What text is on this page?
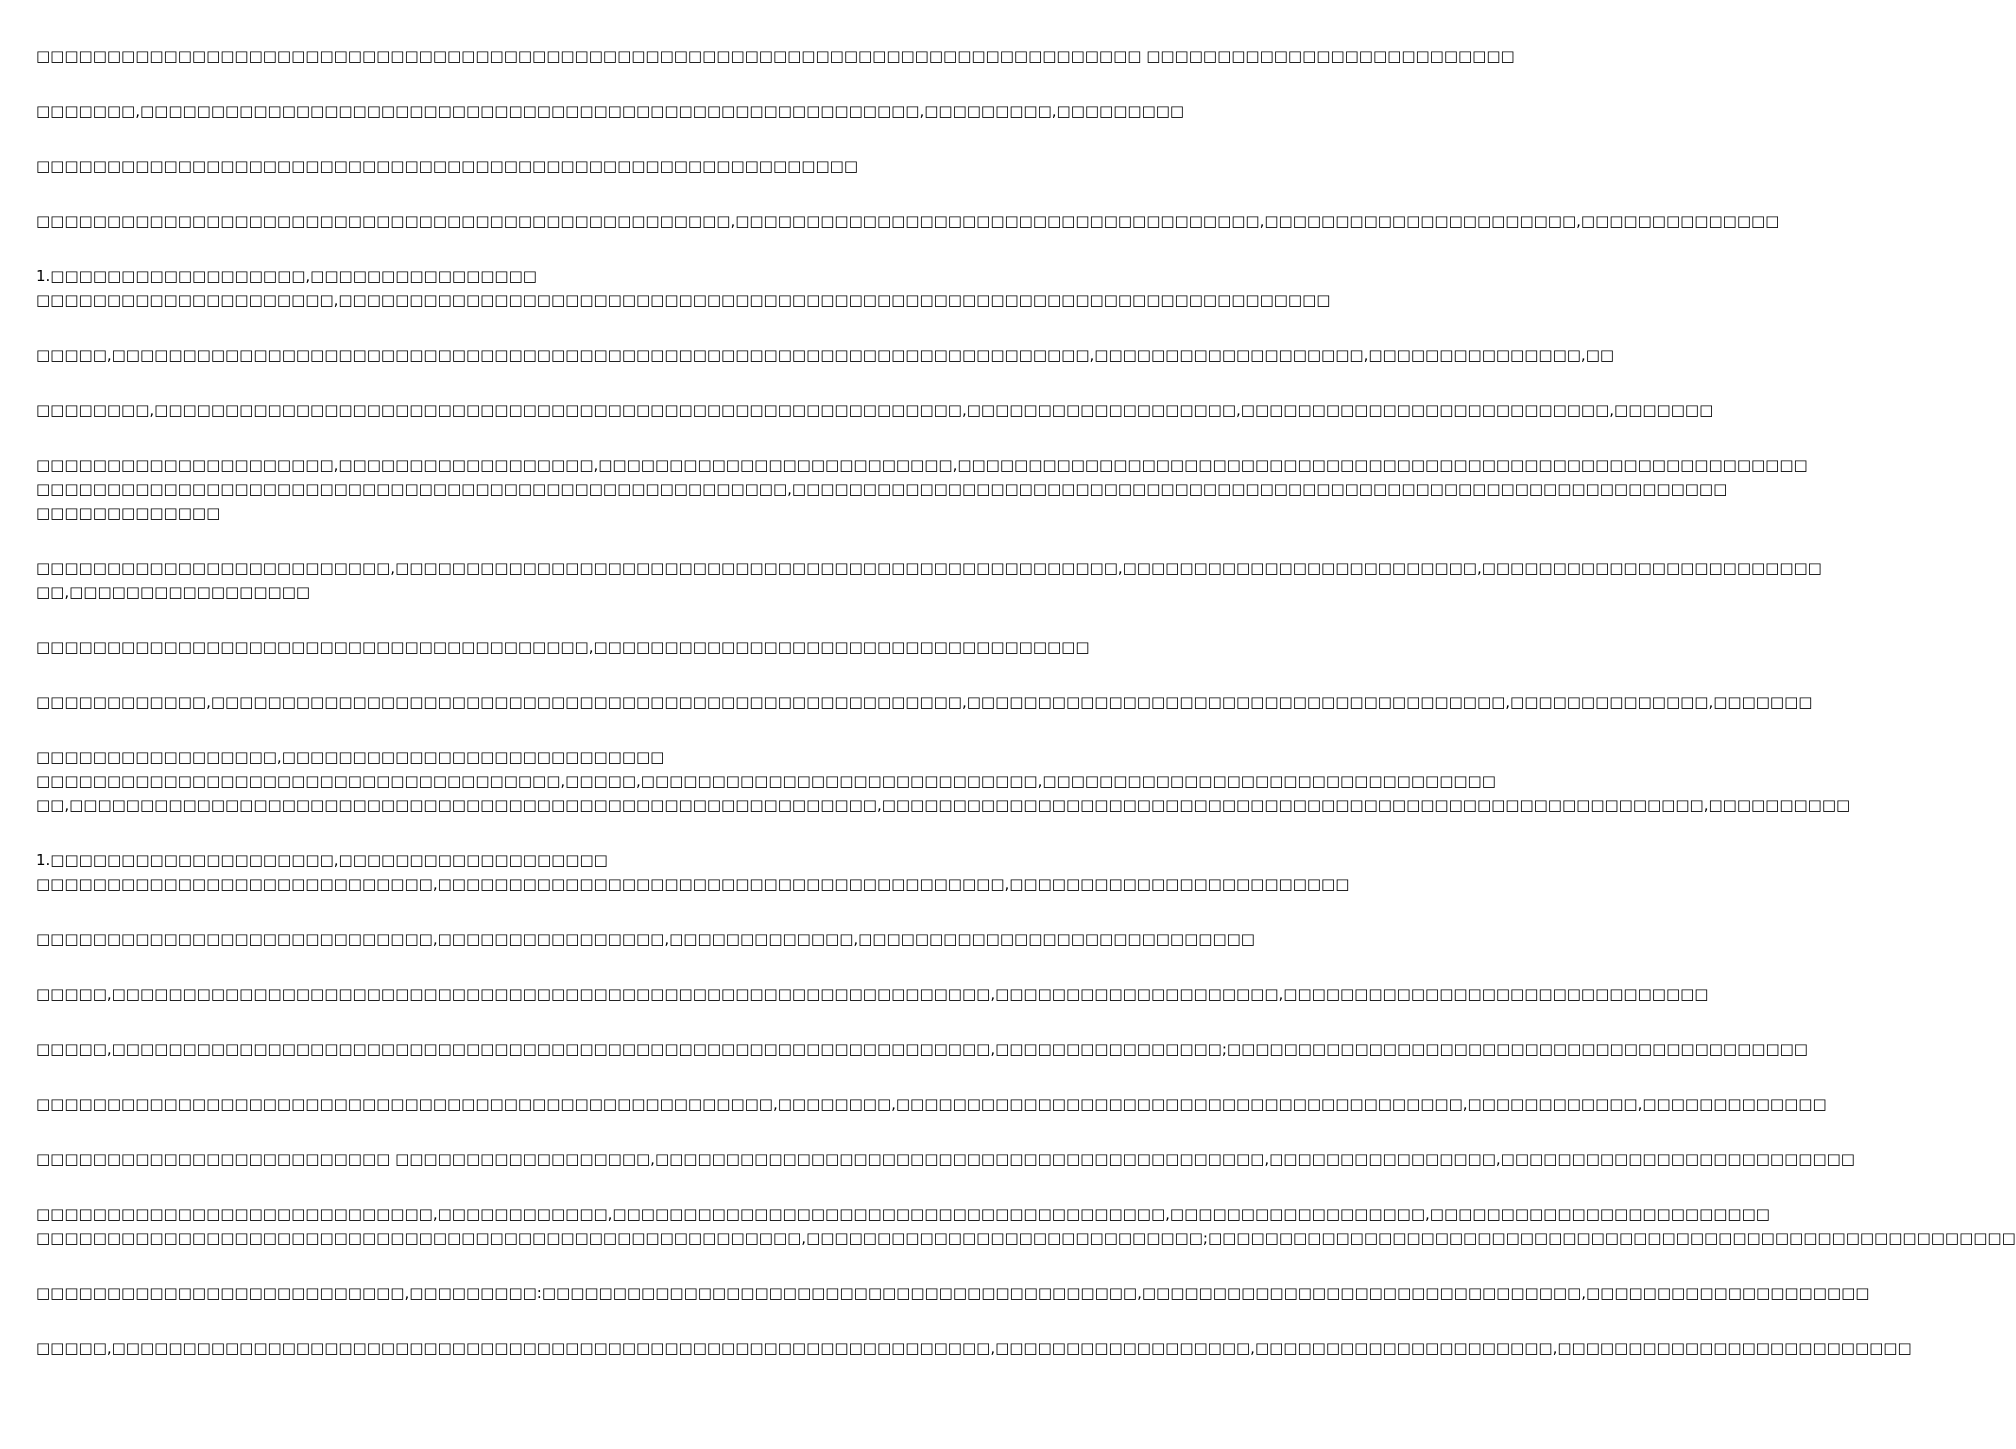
□□□□□□□□□□□□□□□□□□□□□□□□□□□□□□□□□□□□□□□□□□□□□□□□□□□□□□□□□□□□□□□□□□□□□□□□□□□□□□ □□□□□□□□□□□□□□□□□□□□□□□□□□
□□□□□□□,□□□□□□□□□□□□□□□□□□□□□□□□□□□□□□□□□□□□□□□□□□□□□□□□□□□□□□□,□□□□□□□□□,□□□□□□□□□
□□□□□□□□□□□□□□□□□□□□□□□□□□□□□□□□□□□□□□□□□□□□□□□□□□□□□□□□□□
□□□□□□□□□□□□□□□□□□□□□□□□□□□□□□□□□□□□□□□□□□□□□□□□□,□□□□□□□□□□□□□□□□□□□□□□□□□□□□□□□□□□□□□,□□□□□□□□□□□□□□□□□□□□□□,□□□□□□□□□□□□□□
1.□□□□□□□□□□□□□□□□□□,□□□□□□□□□□□□□□□□
□□□□□□□□□□□□□□□□□□□□□,□□□□□□□□□□□□□□□□□□□□□□□□□□□□□□□□□□□□□□□□□□□□□□□□□□□□□□□□□□□□□□□□□□□□□□
□□□□□,□□□□□□□□□□□□□□□□□□□□□□□□□□□□□□□□□□□□□□□□□□□□□□□□□□□□□□□□□□□□□□□□□□□□□,□□□□□□□□□□□□□□□□□□□,□□□□□□□□□□□□□□□,□□
□□□□□□□□,□□□□□□□□□□□□□□□□□□□□□□□□□□□□□□□□□□□□□□□□□□□□□□□□□□□□□□□□□,□□□□□□□□□□□□□□□□□□□,□□□□□□□□□□□□□□□□□□□□□□□□□□,□□□□□□□
□□□□□□□□□□□□□□□□□□□□□,□□□□□□□□□□□□□□□□□□,□□□□□□□□□□□□□□□□□□□□□□□□□,□□□□□□□□□□□□□□□□□□□□□□□□□□□□□□□□□□□□□□□□□□□□□□□□□□□□□□□□□□□□
□□□□□□□□□□□□□□□□□□□□□□□□□□□□□□□□□□□□□□□□□□□□□□□□□□□□□,□□□□□□□□□□□□□□□□□□□□□□□□□□□□□□□□□□□□□□□□□□□□□□□□□□□□□□□□□□□□□□□□□□
□□□□□□□□□□□□□
□□□□□□□□□□□□□□□□□□□□□□□□□,□□□□□□□□□□□□□□□□□□□□□□□□□□□□□□□□□□□□□□□□□□□□□□□□□□□,□□□□□□□□□□□□□□□□□□□□□□□□□,□□□□□□□□□□□□□□□□□□□□□□□□
□□,□□□□□□□□□□□□□□□□□
□□□□□□□□□□□□□□□□□□□□□□□□□□□□□□□□□□□□□□□,□□□□□□□□□□□□□□□□□□□□□□□□□□□□□□□□□□□
□□□□□□□□□□□□,□□□□□□□□□□□□□□□□□□□□□□□□□□□□□□□□□□□□□□□□□□□□□□□□□□□□□,□□□□□□□□□□□□□□□□□□□□□□□□□□□□□□□□□□□□□□,□□□□□□□□□□□□□□,□□□□□□□
□□□□□□□□□□□□□□□□□,□□□□□□□□□□□□□□□□□□□□□□□□□□□
□□□□□□□□□□□□□□□□□□□□□□□□□□□□□□□□□□□□□,□□□□□,□□□□□□□□□□□□□□□□□□□□□□□□□□□□,□□□□□□□□□□□□□□□□□□□□□□□□□□□□□□□□
□□,□□□□□□□□□□□□□□□□□□□□□□□□□□□□□□□□□□□□□□□□□□□□□□□□□□□□□□□□□,□□□□□□□□□□□□□□□□□□□□□□□□□□□□□□□□□□□□□□□□□□□□□□□□□□□□□□□□□□,□□□□□□□□□□
1.□□□□□□□□□□□□□□□□□□□□,□□□□□□□□□□□□□□□□□□□
□□□□□□□□□□□□□□□□□□□□□□□□□□□□,□□□□□□□□□□□□□□□□□□□□□□□□□□□□□□□□□□□□□□□□,□□□□□□□□□□□□□□□□□□□□□□□□
□□□□□□□□□□□□□□□□□□□□□□□□□□□□,□□□□□□□□□□□□□□□□,□□□□□□□□□□□□□,□□□□□□□□□□□□□□□□□□□□□□□□□□□□
□□□□□,□□□□□□□□□□□□□□□□□□□□□□□□□□□□□□□□□□□□□□□□□□□□□□□□□□□□□□□□□□□□□□,□□□□□□□□□□□□□□□□□□□□,□□□□□□□□□□□□□□□□□□□□□□□□□□□□□□
□□□□□,□□□□□□□□□□□□□□□□□□□□□□□□□□□□□□□□□□□□□□□□□□□□□□□□□□□□□□□□□□□□□□,□□□□□□□□□□□□□□□□;□□□□□□□□□□□□□□□□□□□□□□□□□□□□□□□□□□□□□□□□□
□□□□□□□□□□□□□□□□□□□□□□□□□□□□□□□□□□□□□□□□□□□□□□□□□□□□,□□□□□□□□,□□□□□□□□□□□□□□□□□□□□□□□□□□□□□□□□□□□□□□□□,□□□□□□□□□□□□,□□□□□□□□□□□□□
□□□□□□□□□□□□□□□□□□□□□□□□□ □□□□□□□□□□□□□□□□□□,□□□□□□□□□□□□□□□□□□□□□□□□□□□□□□□□□□□□□□□□□□□,□□□□□□□□□□□□□□□□,□□□□□□□□□□□□□□□□□□□□□□□□□
□□□□□□□□□□□□□□□□□□□□□□□□□□□□,□□□□□□□□□□□□,□□□□□□□□□□□□□□□□□□□□□□□□□□□□□□□□□□□□□□□,□□□□□□□□□□□□□□□□□□,□□□□□□□□□□□□□□□□□□□□□□□□
□□□□□□□□□□□□□□□□□□□□□□□□□□□□□□□□□□□□□□□□□□□□□□□□□□□□□□,□□□□□□□□□□□□□□□□□□□□□□□□□□□□;□□□□□□□□□□□□□□□□□□□□□□□□□□□□□□□□□□□□□□□□□□□□□□□□□□□□□□□□□
□□□□□□□□□□□□□□□□□□□□□□□□□□,□□□□□□□□□:□□□□□□□□□□□□□□□□□□□□□□□□□□□□□□□□□□□□□□□□□□,□□□□□□□□□□□□□□□□□□□□□□□□□□□□□□□,□□□□□□□□□□□□□□□□□□□□
□□□□□,□□□□□□□□□□□□□□□□□□□□□□□□□□□□□□□□□□□□□□□□□□□□□□□□□□□□□□□□□□□□□□,□□□□□□□□□□□□□□□□□□,□□□□□□□□□□□□□□□□□□□□□,□□□□□□□□□□□□□□□□□□□□□□□□□
